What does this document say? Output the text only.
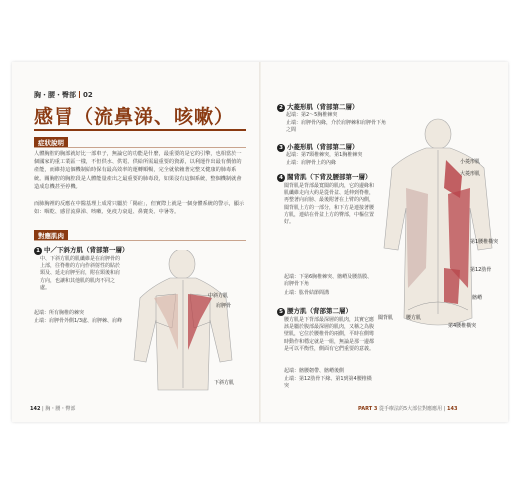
胸・腰・臀部 02
感冒（流鼻涕、咳嗽）
症狀說明
人體胸腔的胸部就好比一部車子，無論它的功能是什麼，最重要的是它的引擎，也相當於一個國家的重工業區一樣，不但供水、供電、供給所需最重要的資源，以利運作出最有價值的產能，而維持這個機制給時保有最高效率的運轉順暢，完全就依賴著完整又健康的肺毒系統。關胸腔的胸腔段是人體能量產出之最重要的肺毒段，如果沒有這個系統，整個機制就會造成怠機甚至停機。
而肺胸裡的反應在中醫基理上成常只屬於「陽症」，但實際上就是一個身體系統的警示，顯示如：咽乾、感冒流鼻涕、咳嗽、免疫力衰退、鼻竇炎、中暑等。
對應肌肉
1 中／下斜方肌（背部第一層）
中、下斜方肌的肌纖維是在肩胛骨的上部，往脊椎的方向作斜射性的貼於頸及、延走肩胛至肩，附在頸後和肩方向，也讓和其他肌的肌肉不同之處。
起端：所有胸椎的棘突
止端：肩胛骨外側1/3處、肩胛棘、肩峰
中斜方肌
肩胛骨
下斜方肌
142 | 胸・腰・臀部
2 大菱形肌（背部第二層）
起端：第2～5胸椎棘突
止端：肩胛骨內緣，介於肩胛棘和肩胛骨下角之間
3 小菱形肌（背部第二層）
起端：第7頸椎棘突，第1胸椎棘突
止端：肩胛骨上的內緣
4 闊背肌（下背及腰部第一層）
闊背肌是背部最寬闊的肌肉，它的邊緣和肌纖維走向大約是從骨盆、延伸到脊椎，再整著向肩膀、最後附著在上臂的內側，闊背肌上方的一部分，和下方是連接著腰方肌，連結在骨盆上方的臀部，中樞位置好。
起端：下第6胸椎棘突、髂嵴及腰筋膜、肩胛骨下角
止端：肱骨結節間溝
5 腰方肌（背部第二層）
腰方肌是下背部最深層的肌肉，其實它應該是屬於腹部最深層的肌肉，又稱之為腹壁肌，它位於腰椎骨的兩側，平時在側彎時動作和穩定就是一組，無論是那一邊都是可以平衡性，側面有它們重要的意義。
起端：髂腰韌帶、髂嵴後側
止端：第12肋骨下緣、第1到第4腰椎橫突
小菱形肌
大菱形肌
第1腰椎橫突
第12肋骨
闊背肌	腰方肌
髂嵴
第4腰椎橫突
PART 3 從手療法的5大部位對應應用 | 143
